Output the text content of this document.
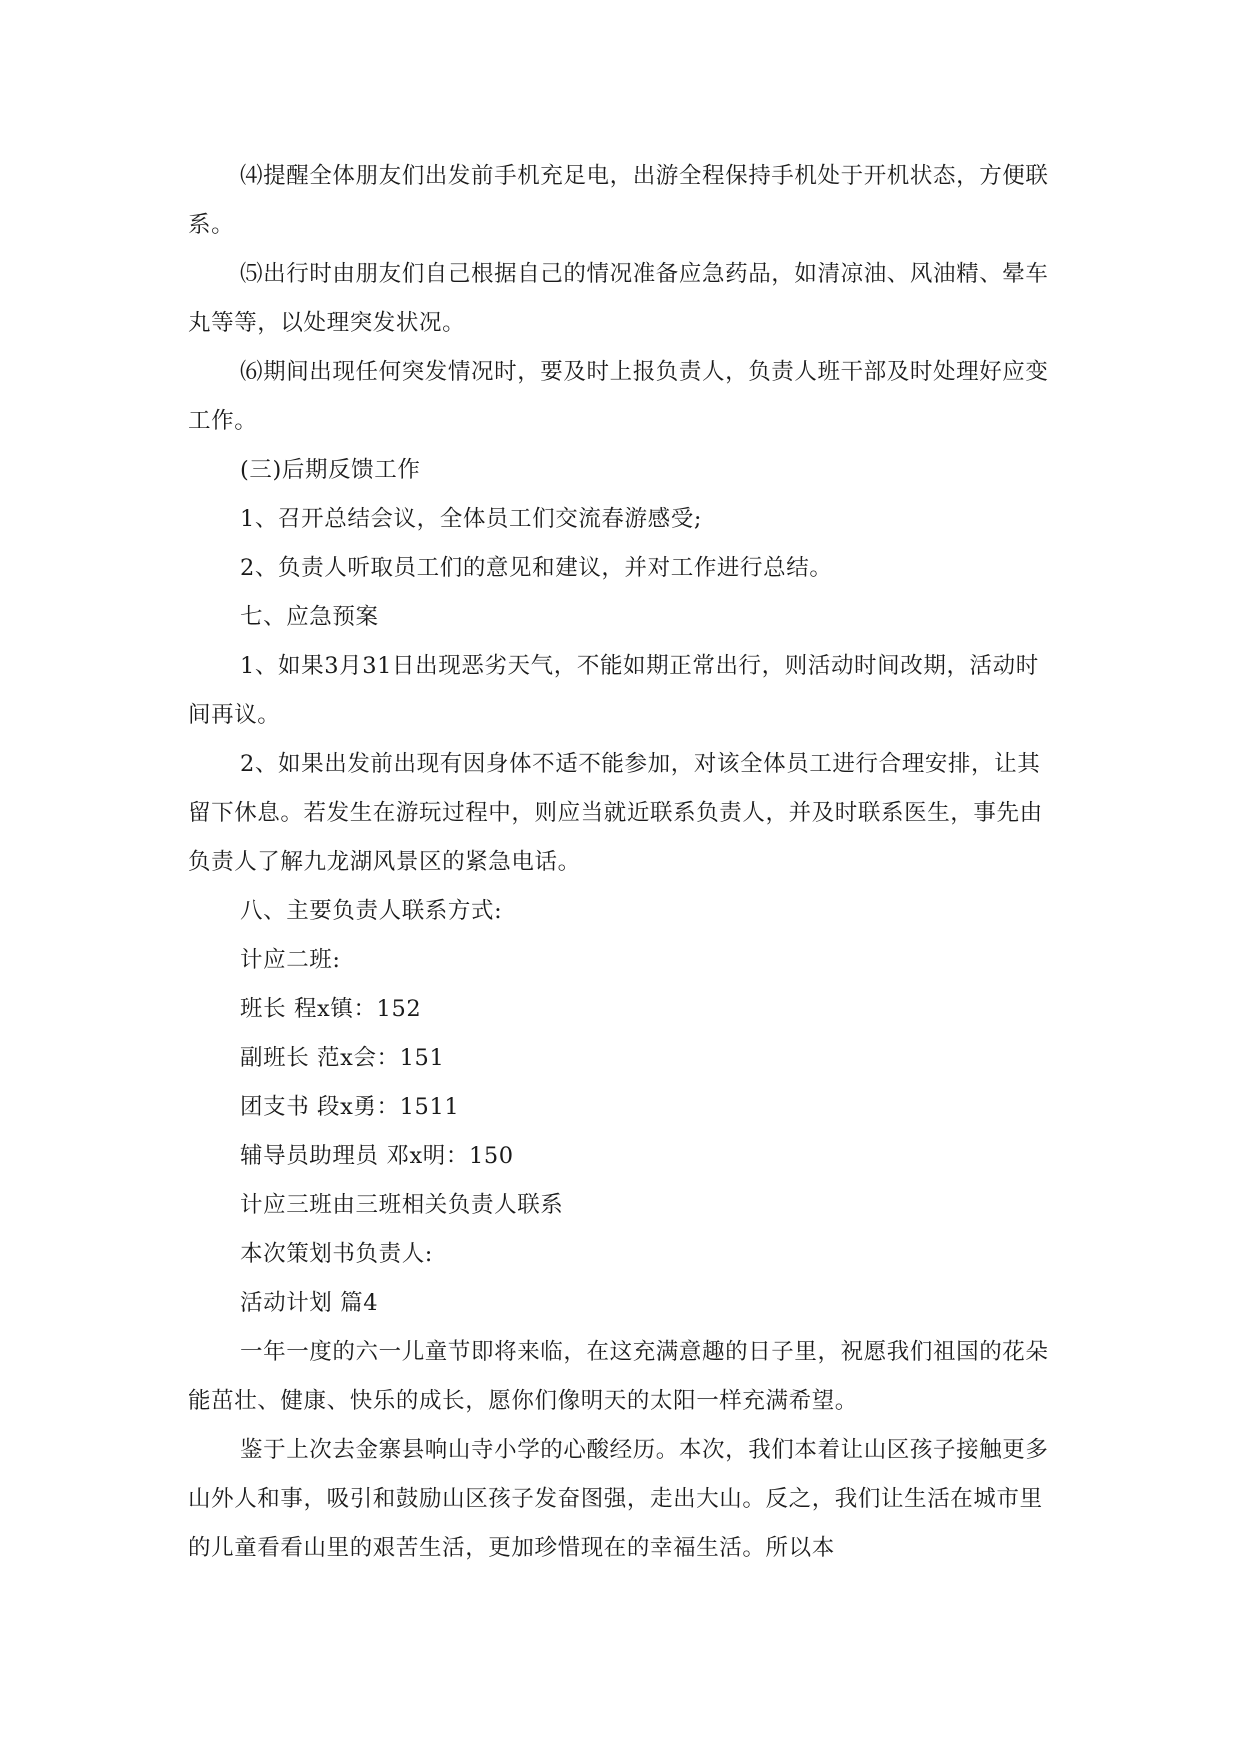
⑷提醒全体朋友们出发前手机充足电，出游全程保持手机处于开机状态，方便联系。

⑸出行时由朋友们自己根据自己的情况准备应急药品，如清凉油、风油精、晕车丸等等，以处理突发状况。

⑹期间出现任何突发情况时，要及时上报负责人，负责人班干部及时处理好应变工作。

(三)后期反馈工作

1、召开总结会议，全体员工们交流春游感受;

2、负责人听取员工们的意见和建议，并对工作进行总结。

七、应急预案

1、如果3月31日出现恶劣天气，不能如期正常出行，则活动时间改期，活动时间再议。

2、如果出发前出现有因身体不适不能参加，对该全体员工进行合理安排，让其留下休息。若发生在游玩过程中，则应当就近联系负责人，并及时联系医生，事先由负责人了解九龙湖风景区的紧急电话。

八、主要负责人联系方式:

计应二班:

班长 程x镇：152

副班长 范x会：151

团支书 段x勇：1511

辅导员助理员 邓x明：150

计应三班由三班相关负责人联系

本次策划书负责人:

活动计划 篇4

一年一度的六一儿童节即将来临，在这充满意趣的日子里，祝愿我们祖国的花朵能茁壮、健康、快乐的成长，愿你们像明天的太阳一样充满希望。

鉴于上次去金寨县响山寺小学的心酸经历。本次，我们本着让山区孩子接触更多山外人和事，吸引和鼓励山区孩子发奋图强，走出大山。反之，我们让生活在城市里的儿童看看山里的艰苦生活，更加珍惜现在的幸福生活。所以本
